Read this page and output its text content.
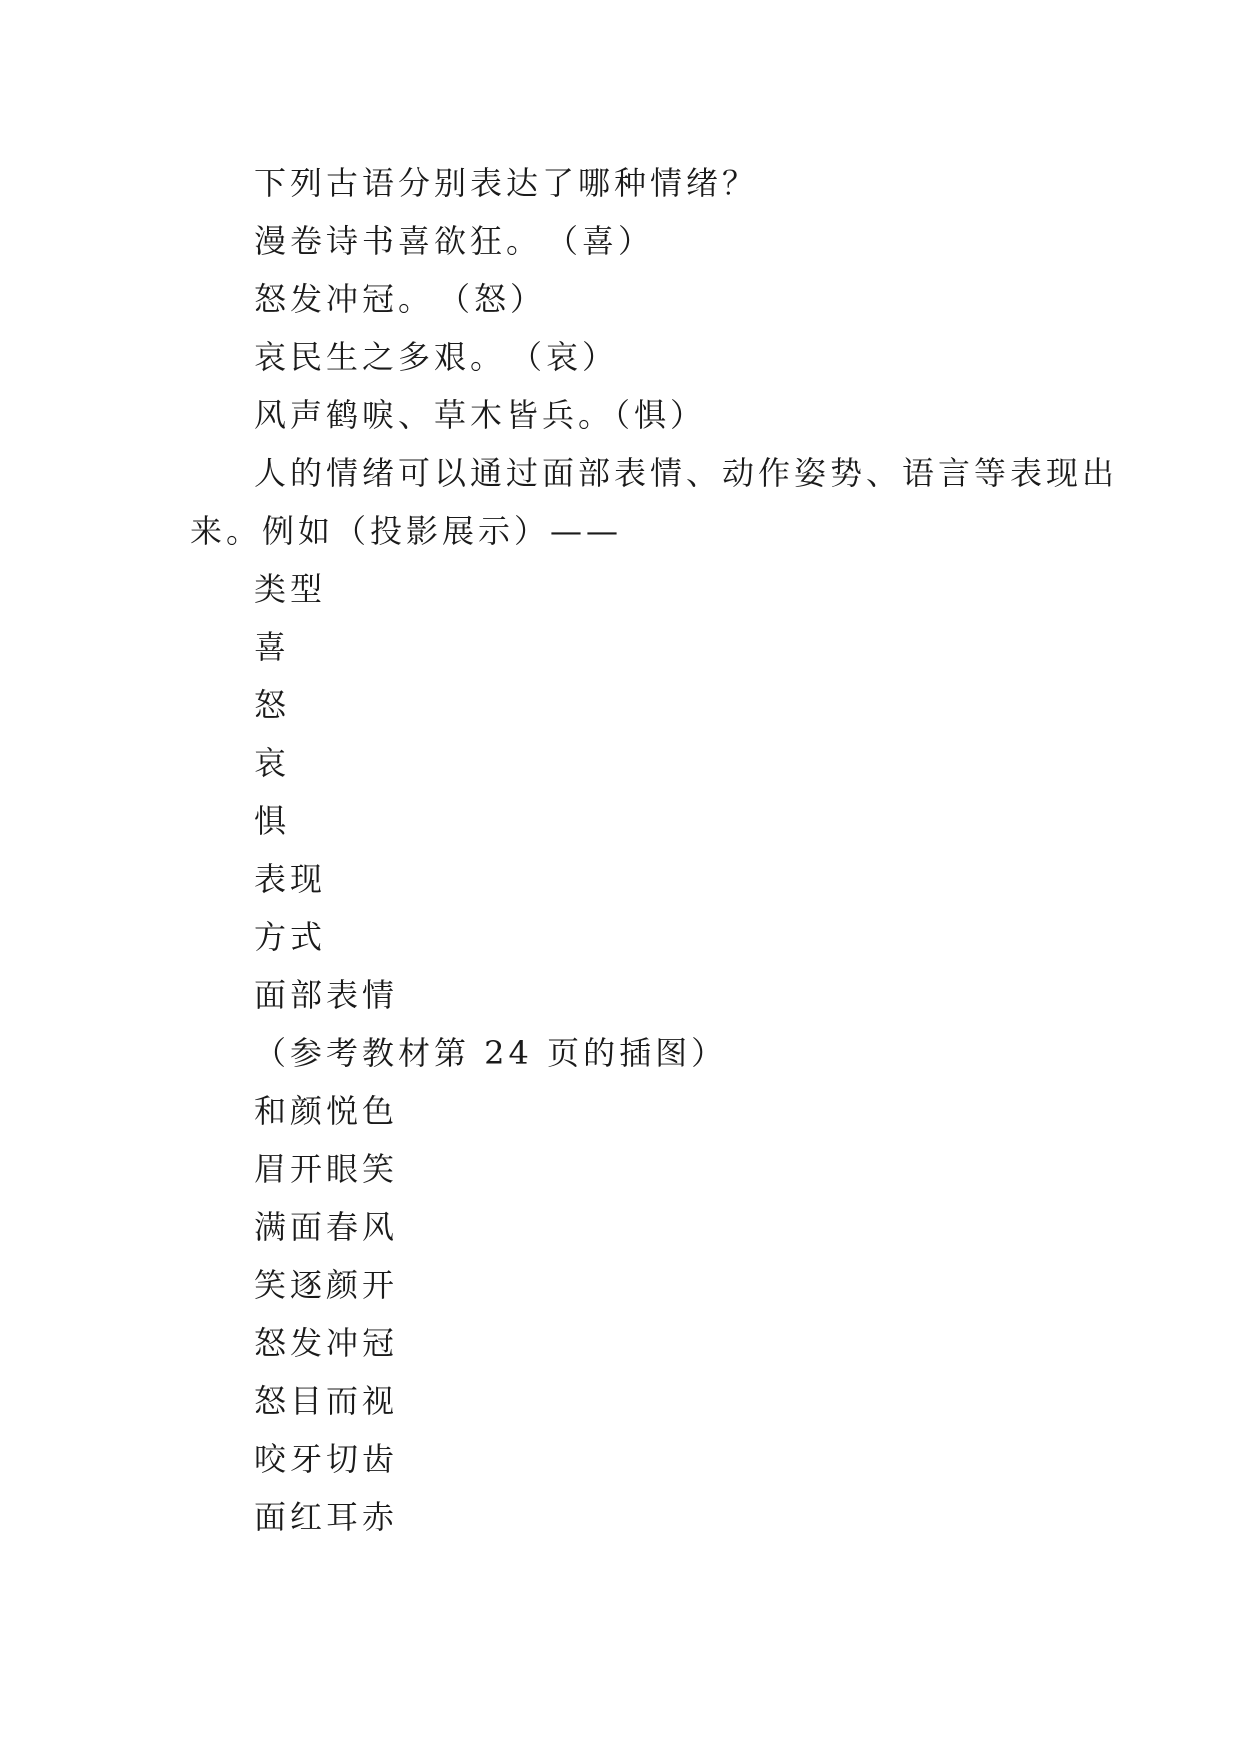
下列古语分别表达了哪种情绪？
漫卷诗书喜欲狂。　（喜）
怒发冲冠。　（怒）
哀民生之多艰。　（哀）
风声鹤唳、草木皆兵。（惧）
人的情绪可以通过面部表情、动作姿势、语言等表现出
来。例如（投影展示）——
类型
喜
怒
哀
惧
表现
方式
面部表情
（参考教材第 24 页的插图）
和颜悦色
眉开眼笑
满面春风
笑逐颜开
怒发冲冠
怒目而视
咬牙切齿
面红耳赤
